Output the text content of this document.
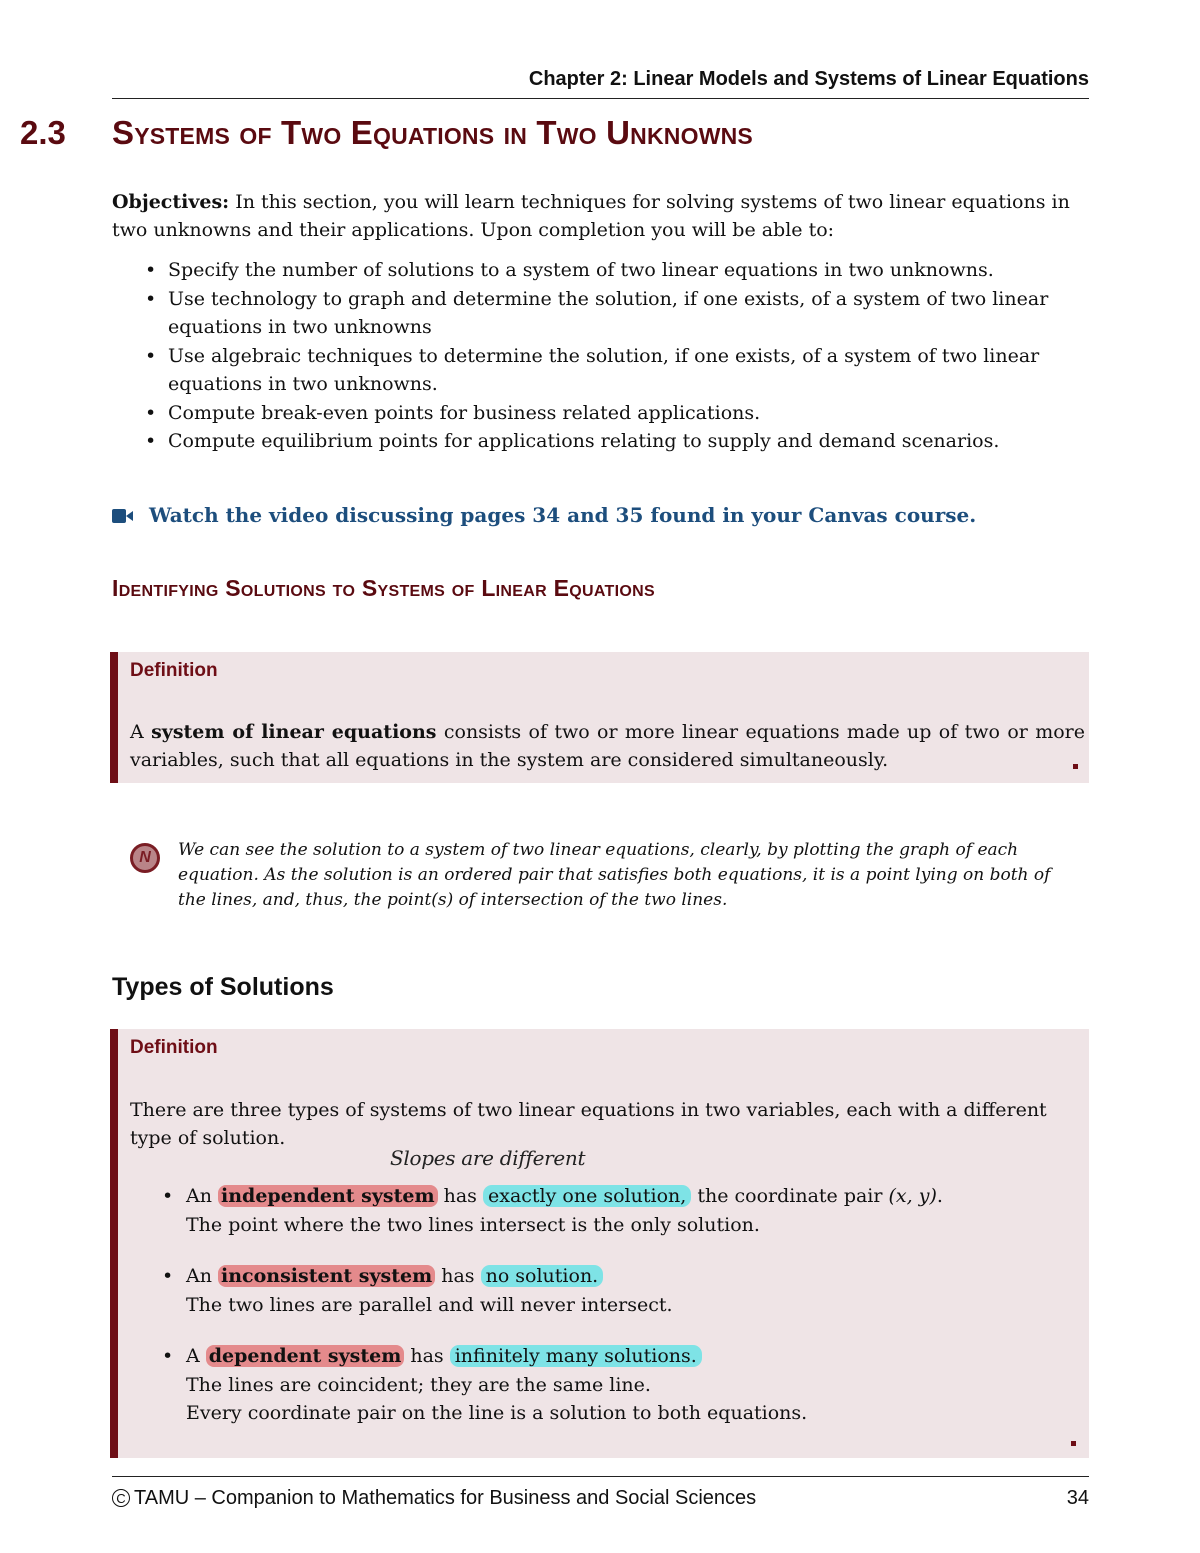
Chapter 2: Linear Models and Systems of Linear Equations
2.3 Systems of Two Equations in Two Unknowns
Objectives: In this section, you will learn techniques for solving systems of two linear equations in two unknowns and their applications. Upon completion you will be able to:
• Specify the number of solutions to a system of two linear equations in two unknowns.
• Use technology to graph and determine the solution, if one exists, of a system of two linear equations in two unknowns
• Use algebraic techniques to determine the solution, if one exists, of a system of two linear equations in two unknowns.
• Compute break-even points for business related applications.
• Compute equilibrium points for applications relating to supply and demand scenarios.
Watch the video discussing pages 34 and 35 found in your Canvas course.
Identifying Solutions to Systems of Linear Equations
Definition
A system of linear equations consists of two or more linear equations made up of two or more variables, such that all equations in the system are considered simultaneously.
N	We can see the solution to a system of two linear equations, clearly, by plotting the graph of each equation. As the solution is an ordered pair that satisfies both equations, it is a point lying on both of the lines, and, thus, the point(s) of intersection of the two lines.
Types of Solutions
Definition
There are three types of systems of two linear equations in two variables, each with a different type of solution.
Slopes are different
• An independent system has exactly one solution, the coordinate pair (x, y).
The point where the two lines intersect is the only solution.
• An inconsistent system has no solution.
The two lines are parallel and will never intersect.
• A dependent system has infinitely many solutions.
The lines are coincident; they are the same line.
Every coordinate pair on the line is a solution to both equations.
C TAMU – Companion to Mathematics for Business and Social Sciences	34
